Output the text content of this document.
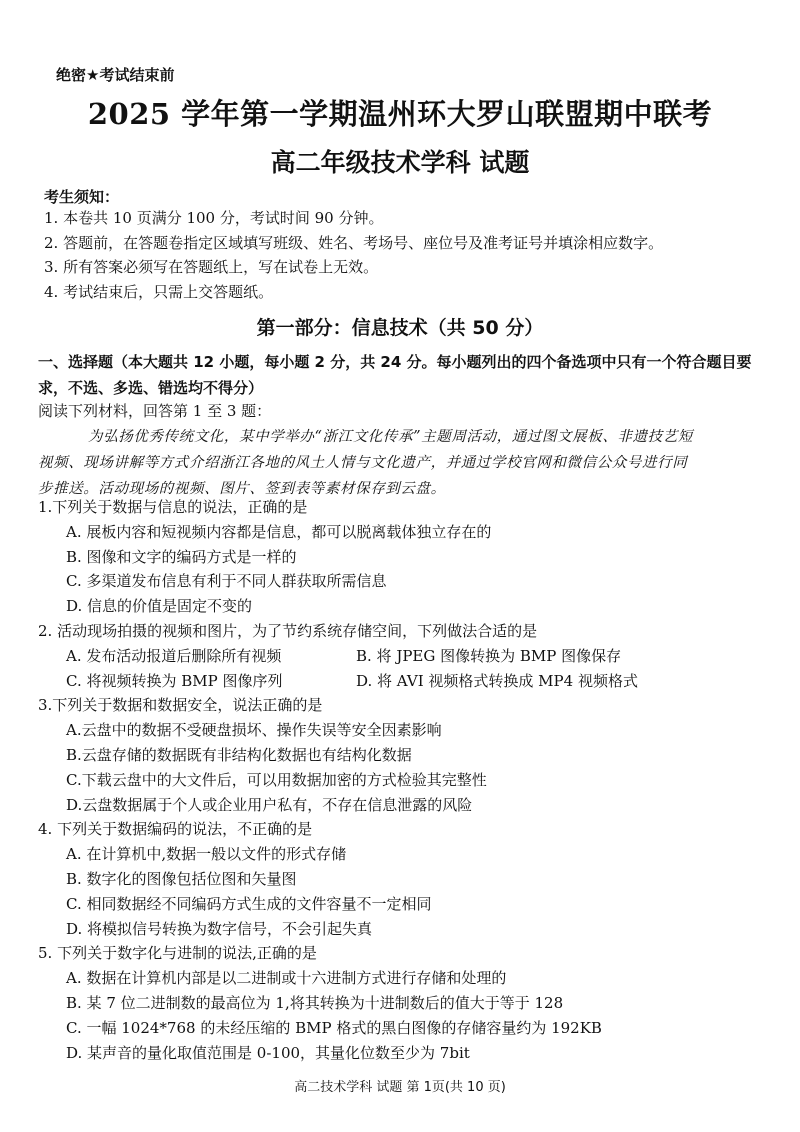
绝密★考试结束前
2025 学年第一学期温州环大罗山联盟期中联考
高二年级技术学科 试题
考生须知：
1. 本卷共 10 页满分 100 分，考试时间 90 分钟。
2. 答题前，在答题卷指定区域填写班级、姓名、考场号、座位号及准考证号并填涂相应数字。
3. 所有答案必须写在答题纸上，写在试卷上无效。
4. 考试结束后，只需上交答题纸。
第一部分：信息技术（共 50 分）
一、选择题（本大题共 12 小题，每小题 2 分，共 24 分。每小题列出的四个备选项中只有一个符合题目要求，不选、多选、错选均不得分）
阅读下列材料，回答第 1 至 3 题：
为弘扬优秀传统文化，某中学举办“浙江文化传承”主题周活动，通过图文展板、非遗技艺短
视频、现场讲解等方式介绍浙江各地的风土人情与文化遗产，并通过学校官网和微信公众号进行同
步推送。活动现场的视频、图片、签到表等素材保存到云盘。
1.下列关于数据与信息的说法，正确的是
A. 展板内容和短视频内容都是信息，都可以脱离载体独立存在的
B. 图像和文字的编码方式是一样的
C. 多渠道发布信息有利于不同人群获取所需信息
D. 信息的价值是固定不变的
2. 活动现场拍摄的视频和图片，为了节约系统存储空间，下列做法合适的是
A. 发布活动报道后删除所有视频	B. 将 JPEG 图像转换为 BMP 图像保存
C. 将视频转换为 BMP 图像序列	D. 将 AVI 视频格式转换成 MP4 视频格式
3.下列关于数据和数据安全，说法正确的是
A.云盘中的数据不受硬盘损坏、操作失误等安全因素影响
B.云盘存储的数据既有非结构化数据也有结构化数据
C.下载云盘中的大文件后，可以用数据加密的方式检验其完整性
D.云盘数据属于个人或企业用户私有，不存在信息泄露的风险
4. 下列关于数据编码的说法，不正确的是
A. 在计算机中,数据一般以文件的形式存储
B. 数字化的图像包括位图和矢量图
C. 相同数据经不同编码方式生成的文件容量不一定相同
D. 将模拟信号转换为数字信号，不会引起失真
5. 下列关于数字化与进制的说法,正确的是
A. 数据在计算机内部是以二进制或十六进制方式进行存储和处理的
B. 某 7 位二进制数的最高位为 1,将其转换为十进制数后的值大于等于 128
C. 一幅 1024*768 的未经压缩的 BMP 格式的黑白图像的存储容量约为 192KB
D. 某声音的量化取值范围是 0-100，其量化位数至少为 7bit
高二技术学科 试题 第 1页(共 10 页)
